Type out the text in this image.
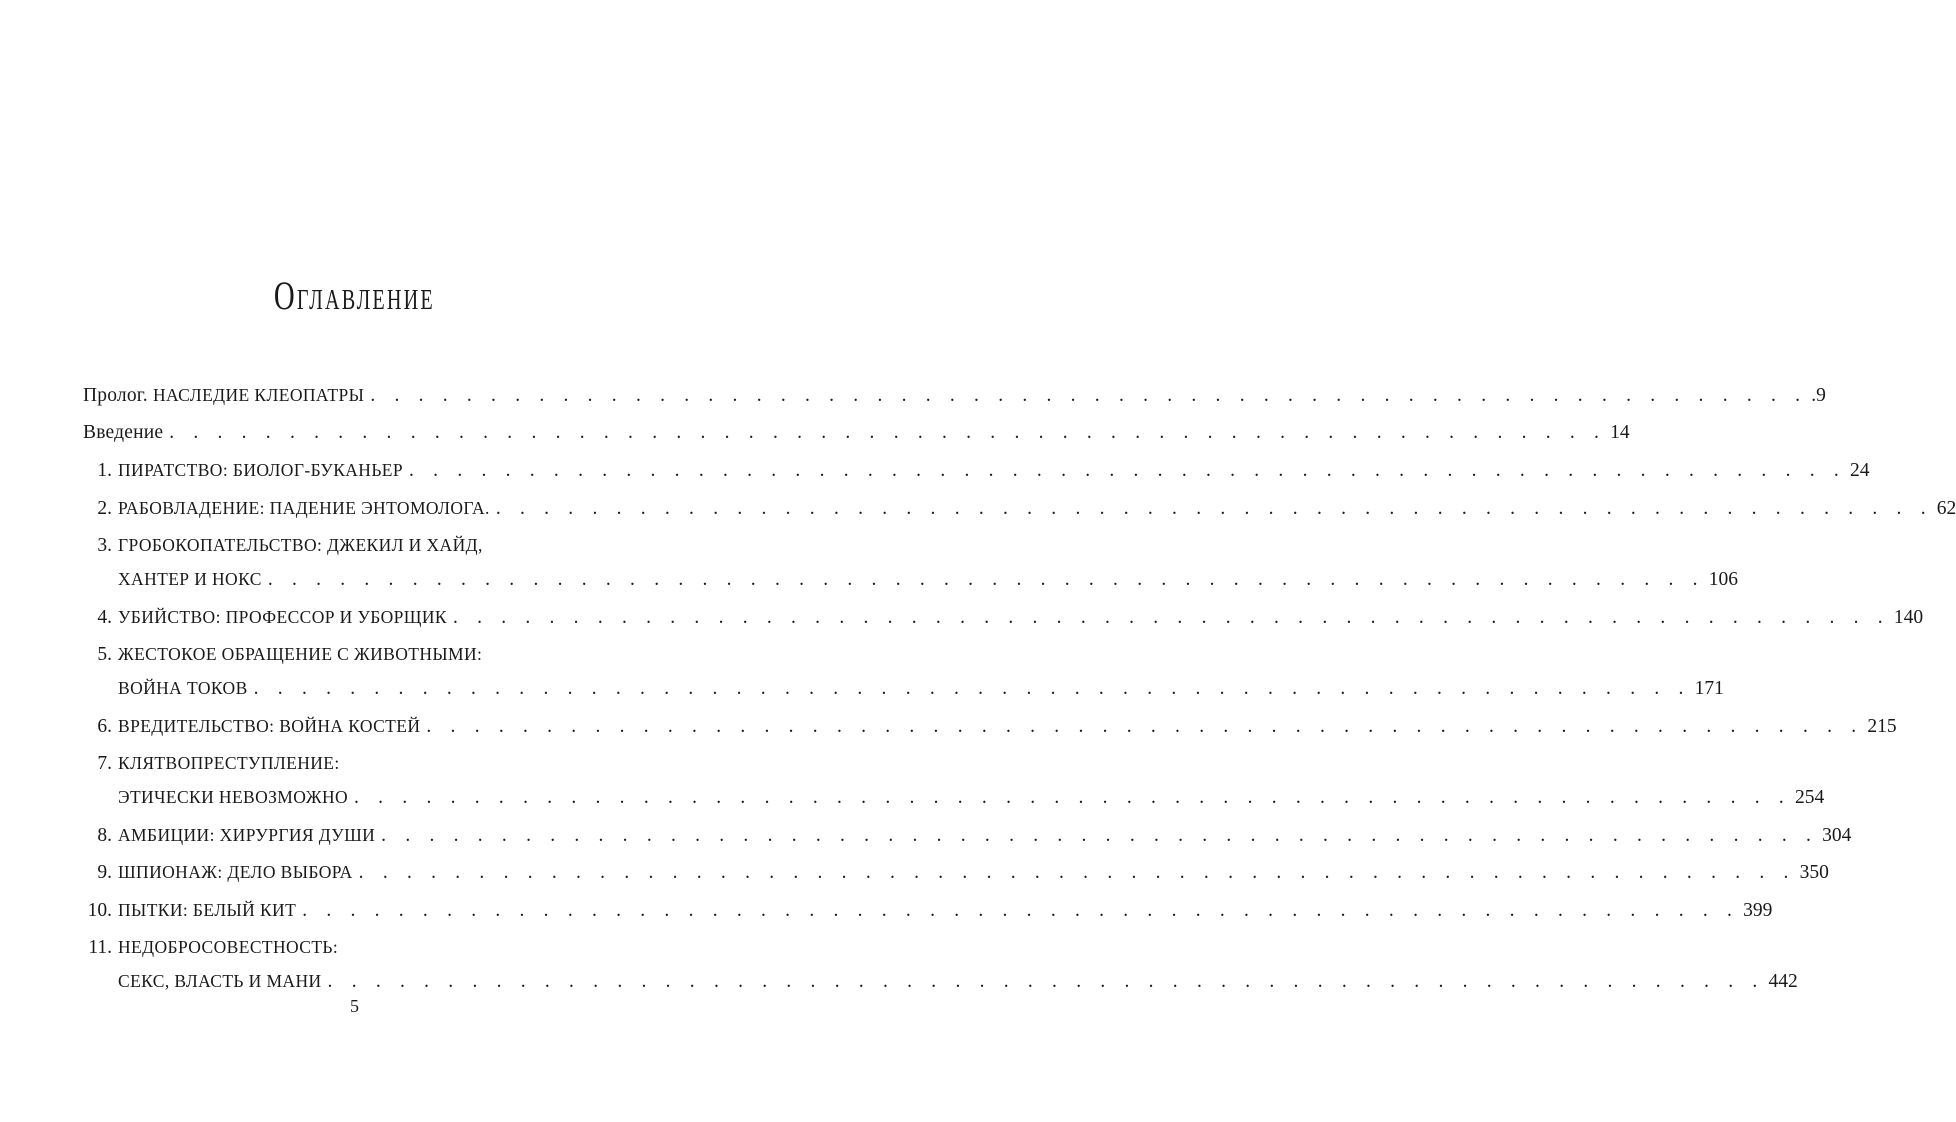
Оглавление
Пролог. НАСЛЕДИЕ КЛЕОПАТРЫ . . . . . . . . . . . . . . . . . . . . . . . . . . . . . . . . . . . . . . . . . . . . . . . . . . . . . . . . . . . . .9
Введение . . . . . . . . . . . . . . . . . . . . . . . . . . . . . . . . . . . . . . . . . . . . . . . . . . . . . . . . . . . . 14
1. ПИРАТСТВО: БИОЛОГ-БУКАНЬЕР . . . . . . . . . . . . . . . . . . . . . . . . . . . . . . . . . . . . . . . . . . . . . . . . . . . . . . . . . . . . 24
2. РАБОВЛАДЕНИЕ: ПАДЕНИЕ ЭНТОМОЛОГА. . . . . . . . . . . . . . . . . . . . . . . . . . . . . . . . . . . . . . . . . . . . . . . . . . . . . . . . . . . . . 62
3. ГРОБОКОПАТЕЛЬСТВО: ДЖЕКИЛ И ХАЙД,
ХАНТЕР И НОКС . . . . . . . . . . . . . . . . . . . . . . . . . . . . . . . . . . . . . . . . . . . . . . . . . . . . . . . . . . . . 106
4. УБИЙСТВО: ПРОФЕССОР И УБОРЩИК . . . . . . . . . . . . . . . . . . . . . . . . . . . . . . . . . . . . . . . . . . . . . . . . . . . . . . . . . . . . 140
5. ЖЕСТОКОЕ ОБРАЩЕНИЕ С ЖИВОТНЫМИ:
ВОЙНА ТОКОВ . . . . . . . . . . . . . . . . . . . . . . . . . . . . . . . . . . . . . . . . . . . . . . . . . . . . . . . . . . . . 171
6. ВРЕДИТЕЛЬСТВО: ВОЙНА КОСТЕЙ . . . . . . . . . . . . . . . . . . . . . . . . . . . . . . . . . . . . . . . . . . . . . . . . . . . . . . . . . . . . 215
7. КЛЯТВОПРЕСТУПЛЕНИЕ:
ЭТИЧЕСКИ НЕВОЗМОЖНО . . . . . . . . . . . . . . . . . . . . . . . . . . . . . . . . . . . . . . . . . . . . . . . . . . . . . . . . . . . . 254
8. АМБИЦИИ: ХИРУРГИЯ ДУШИ . . . . . . . . . . . . . . . . . . . . . . . . . . . . . . . . . . . . . . . . . . . . . . . . . . . . . . . . . . . . 304
9. ШПИОНАЖ: ДЕЛО ВЫБОРА . . . . . . . . . . . . . . . . . . . . . . . . . . . . . . . . . . . . . . . . . . . . . . . . . . . . . . . . . . . . 350
10. ПЫТКИ: БЕЛЫЙ КИТ . . . . . . . . . . . . . . . . . . . . . . . . . . . . . . . . . . . . . . . . . . . . . . . . . . . . . . . . . . . . 399
11. НЕДОБРОСОВЕСТНОСТЬ:
СЕКС, ВЛАСТЬ И МАНИ . . . . . . . . . . . . . . . . . . . . . . . . . . . . . . . . . . . . . . . . . . . . . . . . . . . . . . . . . . . . 442
5
